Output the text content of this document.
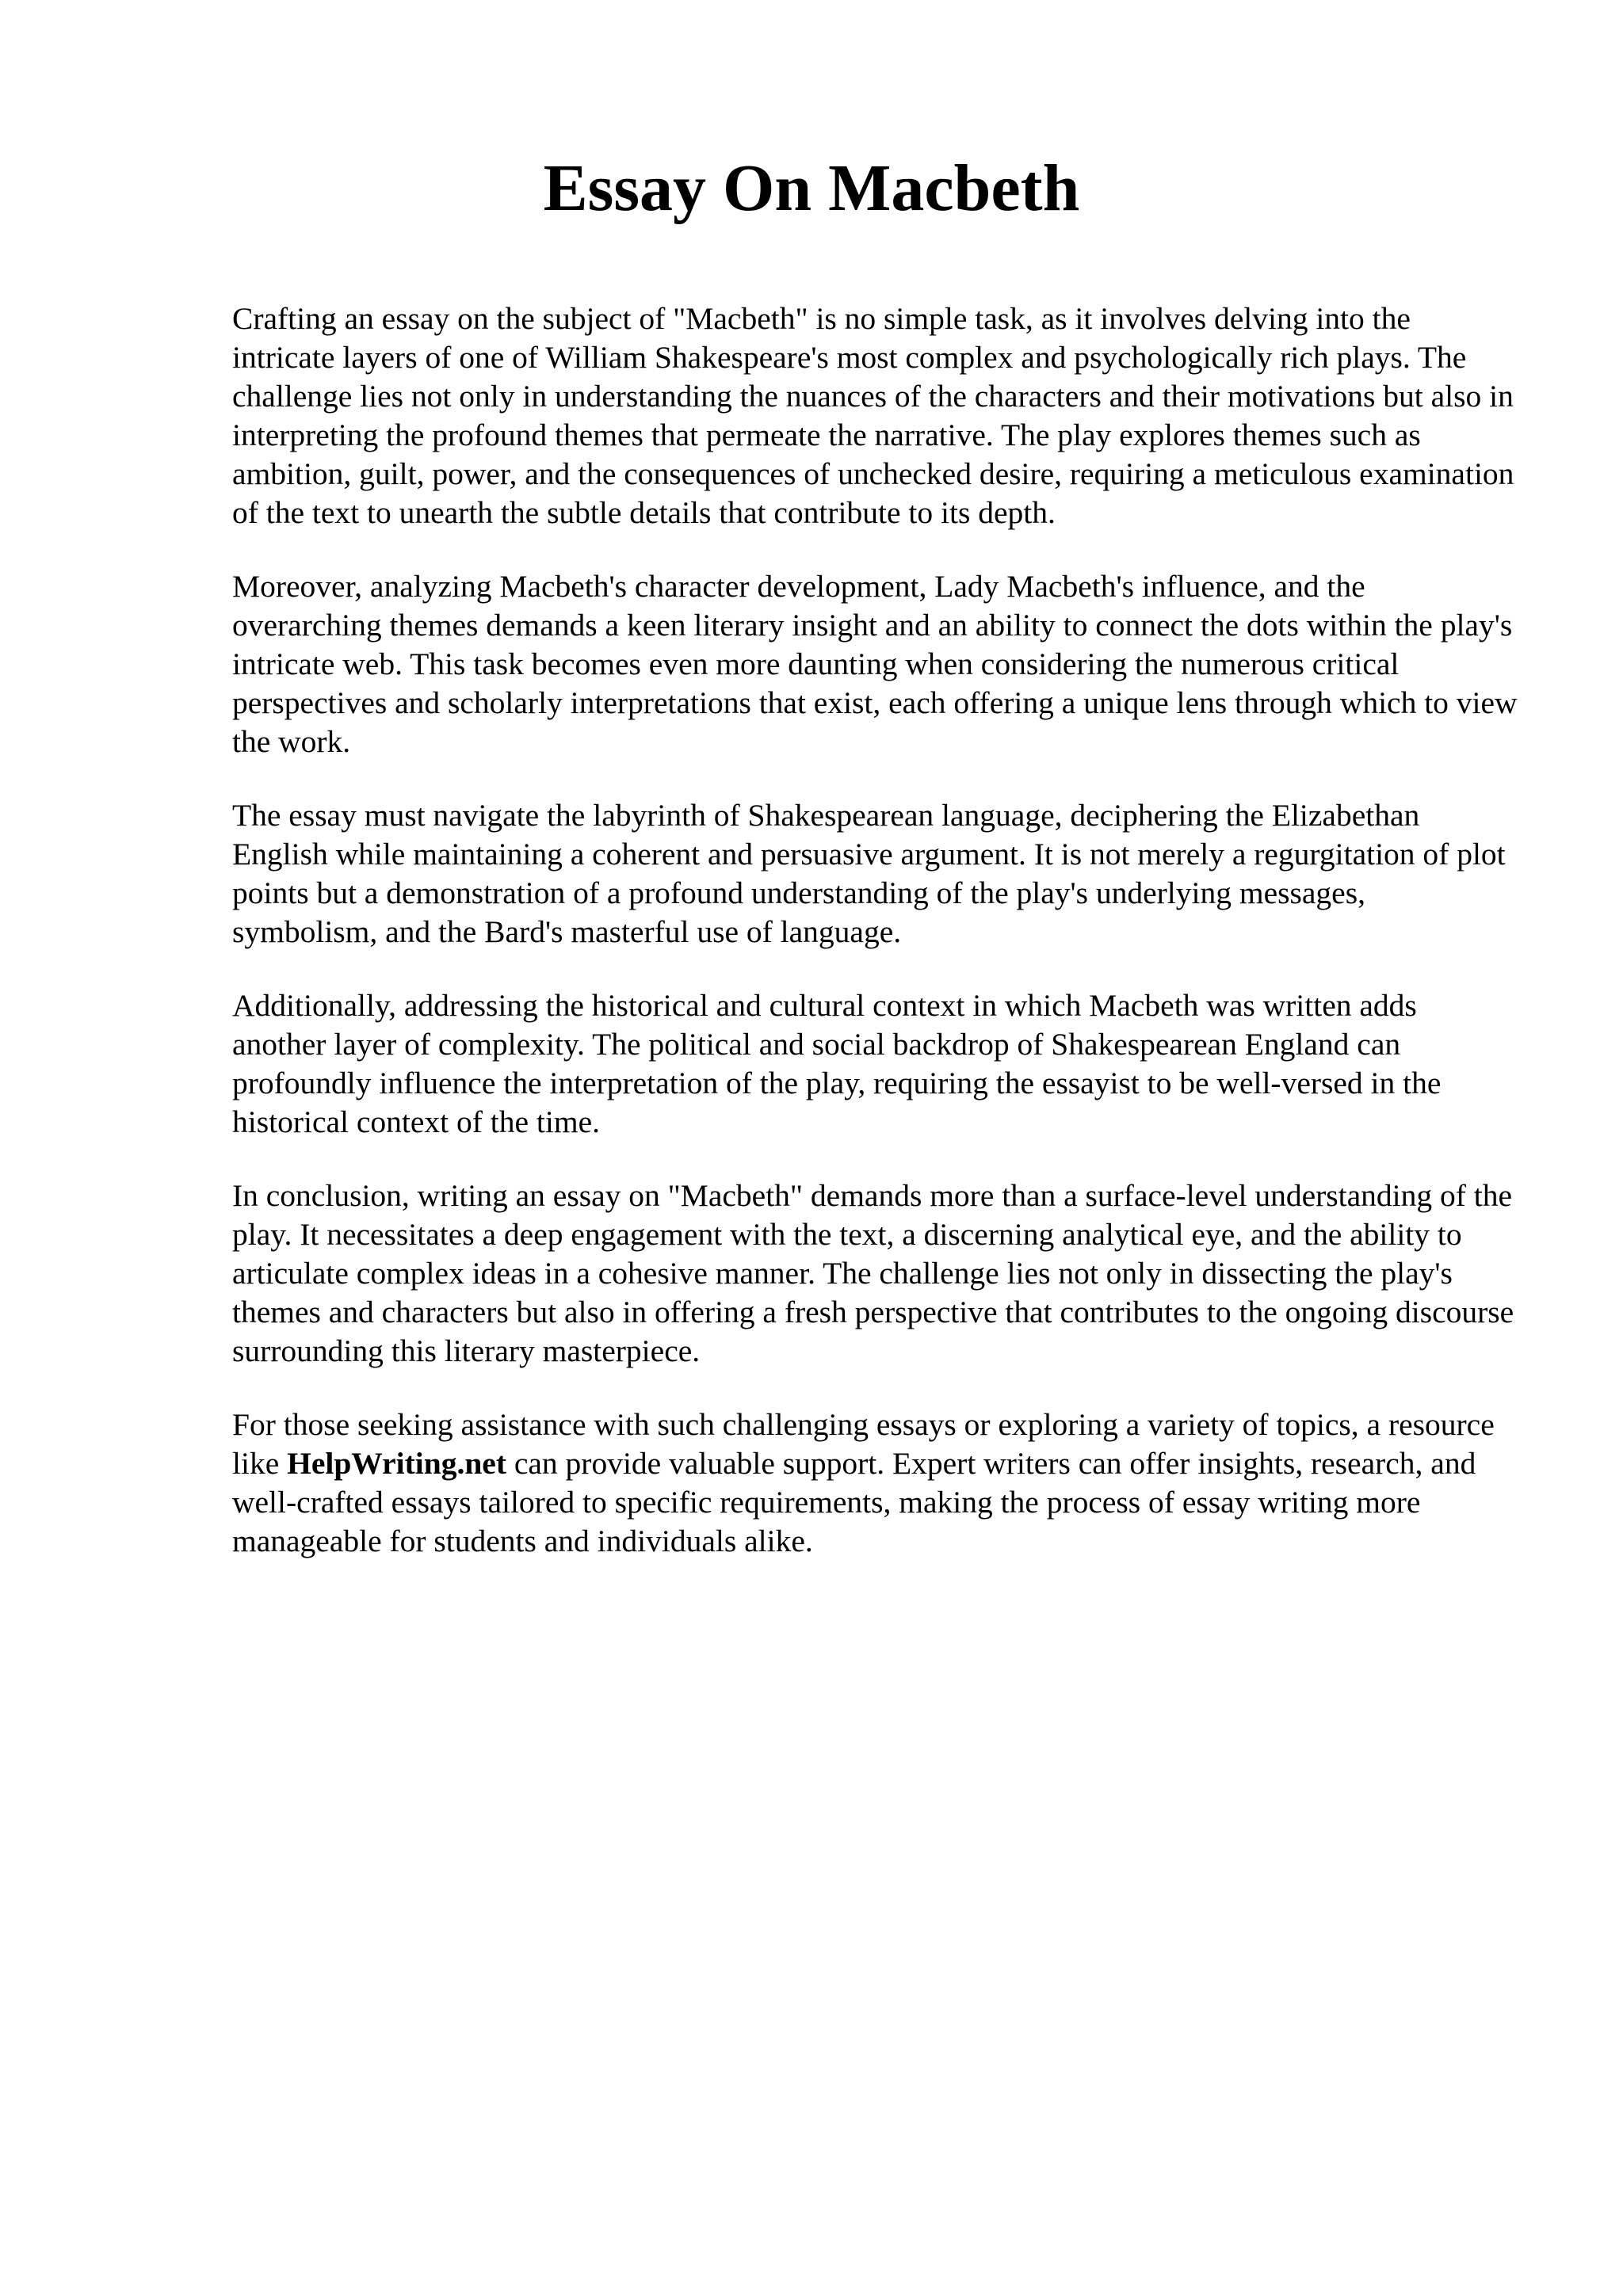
Essay On Macbeth

Crafting an essay on the subject of "Macbeth" is no simple task, as it involves delving into the intricate layers of one of William Shakespeare's most complex and psychologically rich plays. The challenge lies not only in understanding the nuances of the characters and their motivations but also in interpreting the profound themes that permeate the narrative. The play explores themes such as ambition, guilt, power, and the consequences of unchecked desire, requiring a meticulous examination of the text to unearth the subtle details that contribute to its depth.

Moreover, analyzing Macbeth's character development, Lady Macbeth's influence, and the overarching themes demands a keen literary insight and an ability to connect the dots within the play's intricate web. This task becomes even more daunting when considering the numerous critical perspectives and scholarly interpretations that exist, each offering a unique lens through which to view the work.

The essay must navigate the labyrinth of Shakespearean language, deciphering the Elizabethan English while maintaining a coherent and persuasive argument. It is not merely a regurgitation of plot points but a demonstration of a profound understanding of the play's underlying messages, symbolism, and the Bard's masterful use of language.

Additionally, addressing the historical and cultural context in which Macbeth was written adds another layer of complexity. The political and social backdrop of Shakespearean England can profoundly influence the interpretation of the play, requiring the essayist to be well-versed in the historical context of the time.

In conclusion, writing an essay on "Macbeth" demands more than a surface-level understanding of the play. It necessitates a deep engagement with the text, a discerning analytical eye, and the ability to articulate complex ideas in a cohesive manner. The challenge lies not only in dissecting the play's themes and characters but also in offering a fresh perspective that contributes to the ongoing discourse surrounding this literary masterpiece.

For those seeking assistance with such challenging essays or exploring a variety of topics, a resource like HelpWriting.net can provide valuable support. Expert writers can offer insights, research, and well-crafted essays tailored to specific requirements, making the process of essay writing more manageable for students and individuals alike.
